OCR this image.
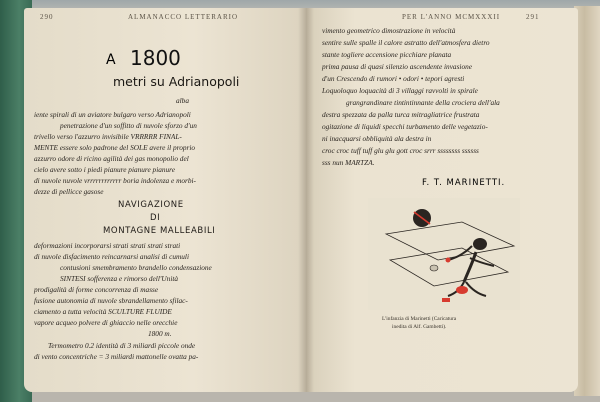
290	ALMANACCO LETTERARIO
A 1800
metri su Adrianopoli
alba
iente spirali di un aviatore bulgaro verso Adrianopoli
penetrazione d'un soffitto di nuvole sforzo d'un
trivello verso l'azzurro invisibile VRRRRR FINAL-
MENTE essere solo padrone del SOLE avere il proprio
azzurro odore di ricino agilità dei gas monopolio del
cielo avere sotto i piedi pianure pianure pianure
di nuvole nuvole vrrrrrrrrrrrr boria indolenza e morbi-
dezze di pellicce gasose
NAVIGAZIONE
DI
MONTAGNE MALLEABILI
deformazioni incorporarsi strati strati strati strati
di nuvole disfacimento reincarnarsi analisi di cumuli
contusioni smembramento brandello condensazione
SINTESI sofferenza e rimorso dell'Unità
prodigalità di forme concorrenza di masse
fusione autonomia di nuvole sbrandellamento sfilac-
ciamento a tutta velocità SCULTURE FLUIDE
vapore acqueo polvere di ghiaccio nelle orecchie
1800 m.
Termometro 0.2 identità di 3 miliardi piccole onde
di vento concentriche = 3 miliardi mattonelle ovatta pa-
PER L'ANNO MCMXXXII	291
vimento geometrico dimostrazione in velocità
sentire sulle spalle il calore astratto dell'atmosfera dietro
stante togliere accensione picchiare planata
prima pausa di quasi silenzio ascendente invasione
d'un Crescendo di rumori • odori • tepori agresti
Loquoloquo loquacità di 3 villaggi ravvolti in spirale
grangrandinare tintintinnante della crociera dell'ala
destra spezzata da palla turca mitragliatrice frustrata
ogitazione di liquidi specchi turbamento delle vegetazio-
ni inacquarsi obbliquità ala destra in
croc croc tuff tuff glu glu gott croc srrr ssssssss ssssss
sss nun MARTZA.
F. T. MARINETTI.
L'infanzia di Marinetti (Caricatura
inedita di Alf. Gambetti).
